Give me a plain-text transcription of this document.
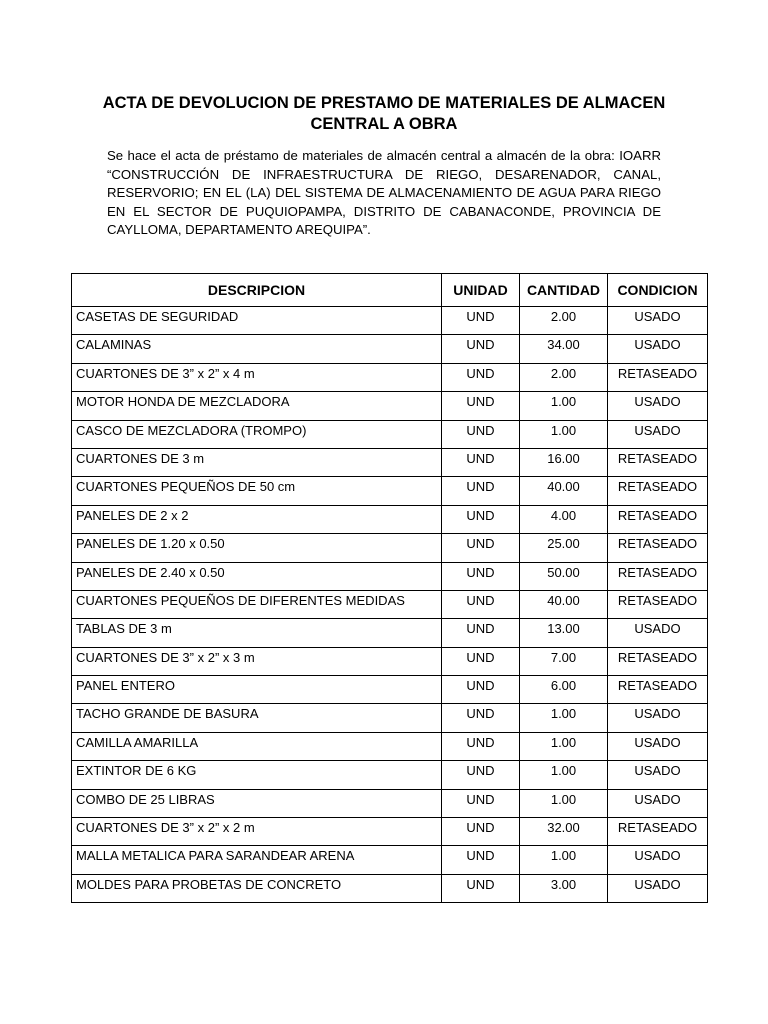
ACTA DE DEVOLUCION DE PRESTAMO DE MATERIALES DE ALMACEN CENTRAL A OBRA
Se hace el acta de préstamo de materiales de almacén central a almacén de la obra: IOARR “CONSTRUCCIÓN DE INFRAESTRUCTURA DE RIEGO, DESARENADOR, CANAL, RESERVORIO; EN EL (LA) DEL SISTEMA DE ALMACENAMIENTO DE AGUA PARA RIEGO EN EL SECTOR DE PUQUIOPAMPA, DISTRITO DE CABANACONDE, PROVINCIA DE CAYLLOMA, DEPARTAMENTO AREQUIPA”.
DESCRIPCION	UNIDAD	CANTIDAD	CONDICION
CASETAS DE SEGURIDAD	UND	2.00	USADO
CALAMINAS	UND	34.00	USADO
CUARTONES DE 3” x 2” x 4 m	UND	2.00	RETASEADO
MOTOR HONDA DE MEZCLADORA	UND	1.00	USADO
CASCO DE MEZCLADORA (TROMPO)	UND	1.00	USADO
CUARTONES DE 3 m	UND	16.00	RETASEADO
CUARTONES PEQUEÑOS DE 50 cm	UND	40.00	RETASEADO
PANELES DE 2 x 2	UND	4.00	RETASEADO
PANELES DE 1.20 x 0.50	UND	25.00	RETASEADO
PANELES DE 2.40 x 0.50	UND	50.00	RETASEADO
CUARTONES PEQUEÑOS DE DIFERENTES MEDIDAS	UND	40.00	RETASEADO
TABLAS DE 3 m	UND	13.00	USADO
CUARTONES DE 3” x 2” x 3 m	UND	7.00	RETASEADO
PANEL ENTERO	UND	6.00	RETASEADO
TACHO GRANDE DE BASURA	UND	1.00	USADO
CAMILLA AMARILLA	UND	1.00	USADO
EXTINTOR DE 6 KG	UND	1.00	USADO
COMBO DE 25 LIBRAS	UND	1.00	USADO
CUARTONES DE 3” x 2” x 2 m	UND	32.00	RETASEADO
MALLA METALICA PARA SARANDEAR ARENA	UND	1.00	USADO
MOLDES PARA PROBETAS DE CONCRETO	UND	3.00	USADO
